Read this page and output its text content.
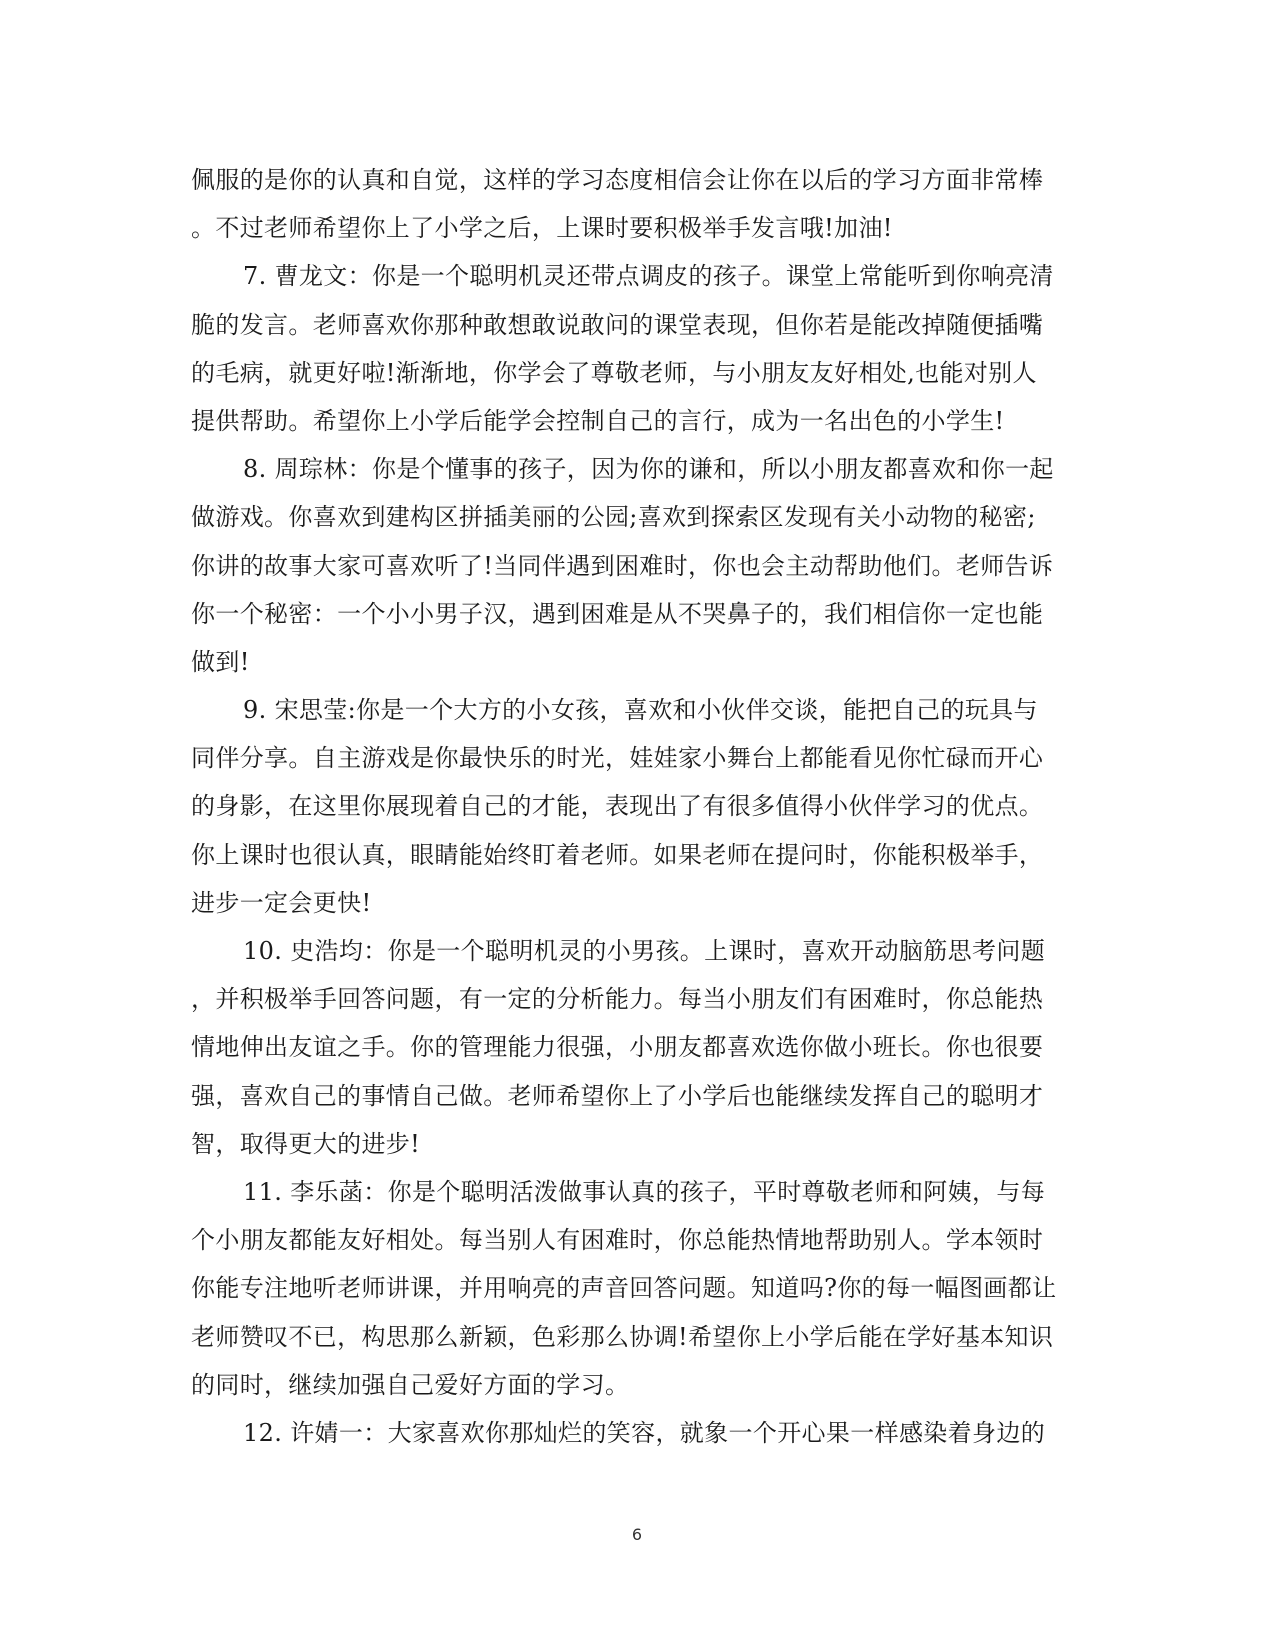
佩服的是你的认真和自觉，这样的学习态度相信会让你在以后的学习方面非常棒
。不过老师希望你上了小学之后，上课时要积极举手发言哦!加油!
7. 曹龙文：你是一个聪明机灵还带点调皮的孩子。课堂上常能听到你响亮清
脆的发言。老师喜欢你那种敢想敢说敢问的课堂表现，但你若是能改掉随便插嘴
的毛病，就更好啦!渐渐地，你学会了尊敬老师，与小朋友友好相处,也能对别人
提供帮助。希望你上小学后能学会控制自己的言行，成为一名出色的小学生!
8. 周琮林：你是个懂事的孩子，因为你的谦和，所以小朋友都喜欢和你一起
做游戏。你喜欢到建构区拼插美丽的公园;喜欢到探索区发现有关小动物的秘密;
你讲的故事大家可喜欢听了!当同伴遇到困难时，你也会主动帮助他们。老师告诉
你一个秘密：一个小小男子汉，遇到困难是从不哭鼻子的，我们相信你一定也能
做到!
9. 宋思莹:你是一个大方的小女孩，喜欢和小伙伴交谈，能把自己的玩具与
同伴分享。自主游戏是你最快乐的时光，娃娃家小舞台上都能看见你忙碌而开心
的身影，在这里你展现着自己的才能，表现出了有很多值得小伙伴学习的优点。
你上课时也很认真，眼睛能始终盯着老师。如果老师在提问时，你能积极举手，
进步一定会更快!
10. 史浩均：你是一个聪明机灵的小男孩。上课时，喜欢开动脑筋思考问题
，并积极举手回答问题，有一定的分析能力。每当小朋友们有困难时，你总能热
情地伸出友谊之手。你的管理能力很强，小朋友都喜欢选你做小班长。你也很要
强，喜欢自己的事情自己做。老师希望你上了小学后也能继续发挥自己的聪明才
智，取得更大的进步!
11. 李乐菡：你是个聪明活泼做事认真的孩子，平时尊敬老师和阿姨，与每
个小朋友都能友好相处。每当别人有困难时，你总能热情地帮助别人。学本领时
你能专注地听老师讲课，并用响亮的声音回答问题。知道吗?你的每一幅图画都让
老师赞叹不已，构思那么新颖，色彩那么协调!希望你上小学后能在学好基本知识
的同时，继续加强自己爱好方面的学习。
12. 许婧一：大家喜欢你那灿烂的笑容，就象一个开心果一样感染着身边的
6
